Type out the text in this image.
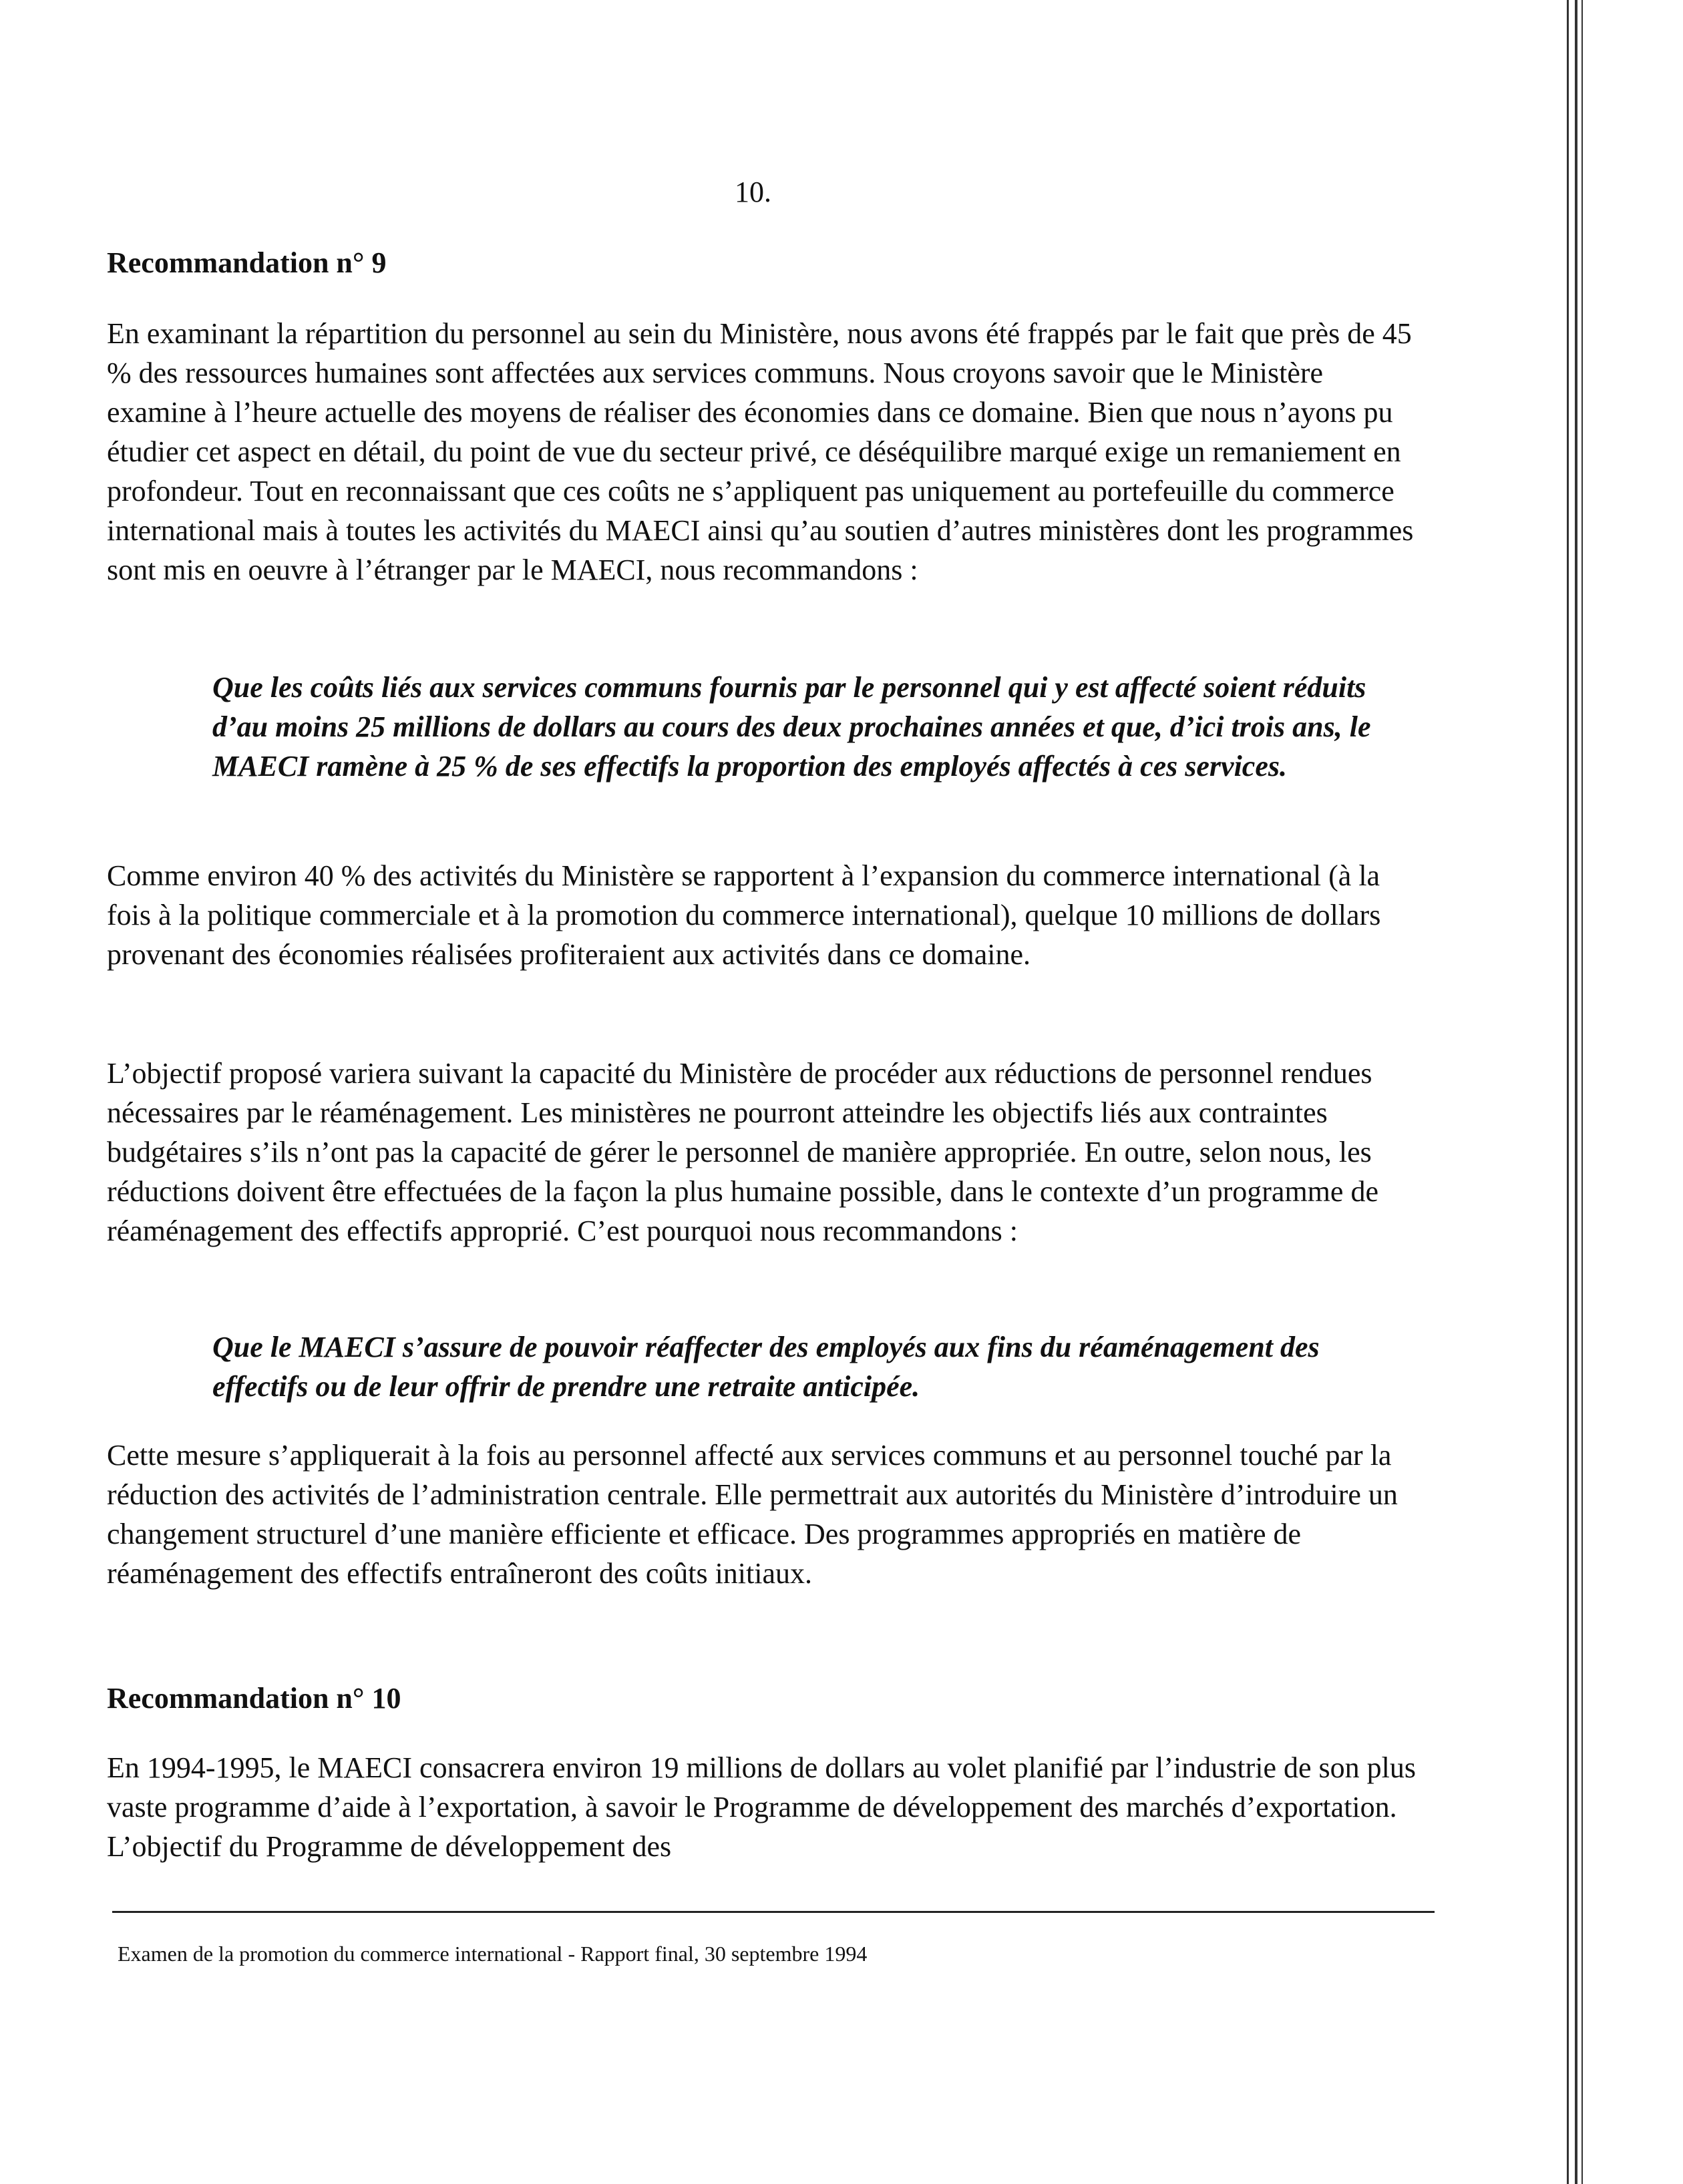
10.
Recommandation n° 9

En examinant la répartition du personnel au sein du Ministère, nous avons été frappés par le fait que près de 45 % des ressources humaines sont affectées aux services communs. Nous croyons savoir que le Ministère examine à l’heure actuelle des moyens de réaliser des économies dans ce domaine. Bien que nous n’ayons pu étudier cet aspect en détail, du point de vue du secteur privé, ce déséquilibre marqué exige un remaniement en profondeur. Tout en reconnaissant que ces coûts ne s’appliquent pas uniquement au portefeuille du commerce international mais à toutes les activités du MAECI ainsi qu’au soutien d’autres ministères dont les programmes sont mis en oeuvre à l’étranger par le MAECI, nous recommandons :

Que les coûts liés aux services communs fournis par le personnel qui y est affecté soient réduits d’au moins 25 millions de dollars au cours des deux prochaines années et que, d’ici trois ans, le MAECI ramène à 25 % de ses effectifs la proportion des employés affectés à ces services.

Comme environ 40 % des activités du Ministère se rapportent à l’expansion du commerce international (à la fois à la politique commerciale et à la promotion du commerce international), quelque 10 millions de dollars provenant des économies réalisées profiteraient aux activités dans ce domaine.

L’objectif proposé variera suivant la capacité du Ministère de procéder aux réductions de personnel rendues nécessaires par le réaménagement. Les ministères ne pourront atteindre les objectifs liés aux contraintes budgétaires s’ils n’ont pas la capacité de gérer le personnel de manière appropriée. En outre, selon nous, les réductions doivent être effectuées de la façon la plus humaine possible, dans le contexte d’un programme de réaménagement des effectifs approprié. C’est pourquoi nous recommandons :

Que le MAECI s’assure de pouvoir réaffecter des employés aux fins du réaménagement des effectifs ou de leur offrir de prendre une retraite anticipée.

Cette mesure s’appliquerait à la fois au personnel affecté aux services communs et au personnel touché par la réduction des activités de l’administration centrale. Elle permettrait aux autorités du Ministère d’introduire un changement structurel d’une manière efficiente et efficace. Des programmes appropriés en matière de réaménagement des effectifs entraîneront des coûts initiaux.

Recommandation n° 10

En 1994-1995, le MAECI consacrera environ 19 millions de dollars au volet planifié par l’industrie de son plus vaste programme d’aide à l’exportation, à savoir le Programme de développement des marchés d’exportation. L’objectif du Programme de développement des

Examen de la promotion du commerce international - Rapport final, 30 septembre 1994
